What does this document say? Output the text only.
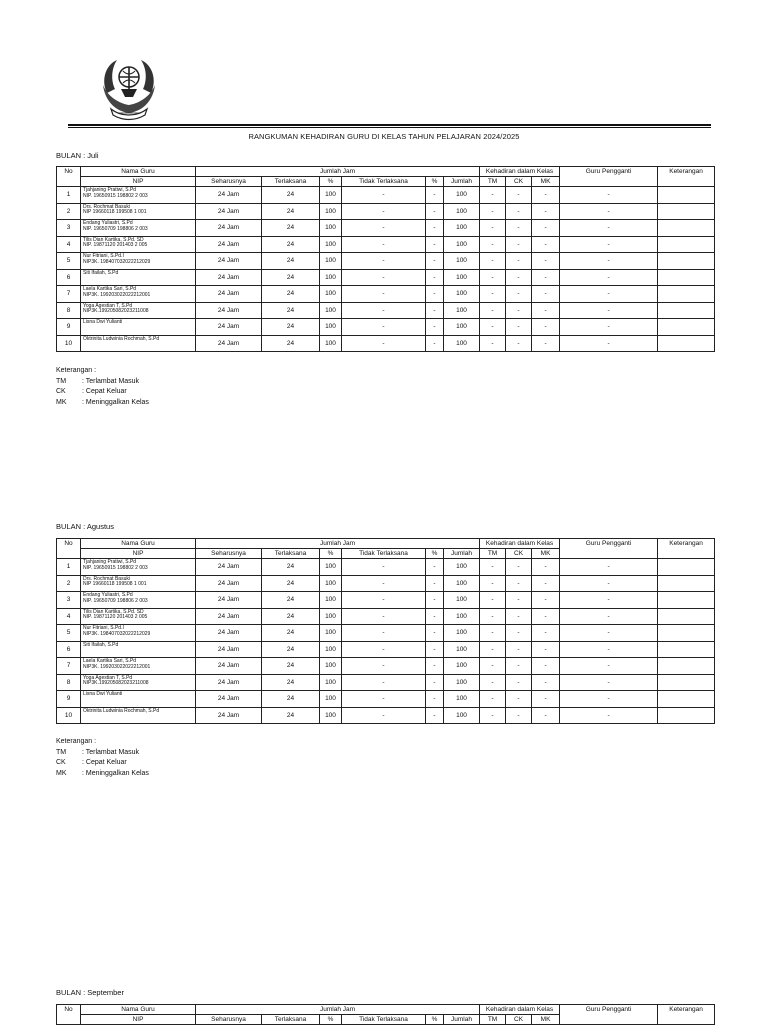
RANGKUMAN KEHADIRAN GURU DI KELAS TAHUN PELAJARAN 2024/2025
BULAN : Juli
No	Nama Guru	Jumlah Jam						Kehadiran dalam Kelas			Guru Pengganti	Keterangan
	NIP	Seharusnya	Terlaksana	%	Tidak Terlaksana	%	Jumlah	TM	CK	MK		
1	Tjahjaning Pratiwi, S.Pd
NIP. 19650915 198802 2 003	24 Jam	24	100	-	-	100	-	-	-	-	
2	Drs. Rochmat Basuki
NIP 19660118 199508 1 001	24 Jam	24	100	-	-	100	-	-	-	-	
3	Endang Yuliastri, S.Pd
NIP. 19650709 198806 2 003	24 Jam	24	100	-	-	100	-	-	-	-	
4	Tilis Dian Kartika, S.Pd. SD
NIP. 19871120 201403 2 005	24 Jam	24	100	-	-	100	-	-	-	-	
5	Nur Fitriani, S.Pd.I
NIP3K. 198407032022212029	24 Jam	24	100	-	-	100	-	-	-	-	
6	Siti Ifailah, S.Pd	24 Jam	24	100	-	-	100	-	-	-	-	
7	Laela Kartika Sari, S.Pd
NIP3K. 199203022022212001	24 Jam	24	100	-	-	100	-	-	-	-	
8	Yoga Agestian T, S.Pd
NIP3K.199205082023211008	24 Jam	24	100	-	-	100	-	-	-	-	
9	Lisna Dwi Yulianti	24 Jam	24	100	-	-	100	-	-	-	-	
10	Oktrinita Ludwinia Rochmah, S.Pd	24 Jam	24	100	-	-	100	-	-	-	-	
Keterangan :
TM	: Terlambat Masuk
CK	: Cepat Keluar
MK	: Meninggalkan Kelas
BULAN : Agustus
No	Nama Guru	Jumlah Jam						Kehadiran dalam Kelas			Guru Pengganti	Keterangan
	NIP	Seharusnya	Terlaksana	%	Tidak Terlaksana	%	Jumlah	TM	CK	MK		
1	Tjahjaning Pratiwi, S.Pd
NIP. 19650915 198802 2 003	24 Jam	24	100	-	-	100	-	-	-	-	
2	Drs. Rochmat Basuki
NIP 19660118 199508 1 001	24 Jam	24	100	-	-	100	-	-	-	-	
3	Endang Yuliastri, S.Pd
NIP. 19650709 198806 2 003	24 Jam	24	100	-	-	100	-	-	-	-	
4	Tilis Dian Kartika, S.Pd. SD
NIP. 19871120 201403 2 005	24 Jam	24	100	-	-	100	-	-	-	-	
5	Nur Fitriani, S.Pd.I
NIP3K. 198407032022212029	24 Jam	24	100	-	-	100	-	-	-	-	
6	Siti Ifailah, S.Pd	24 Jam	24	100	-	-	100	-	-	-	-	
7	Laela Kartika Sari, S.Pd
NIP3K. 199203022022212001	24 Jam	24	100	-	-	100	-	-	-	-	
8	Yoga Agestian T, S.Pd
NIP3K.199205082023211008	24 Jam	24	100	-	-	100	-	-	-	-	
9	Lisna Dwi Yulianti	24 Jam	24	100	-	-	100	-	-	-	-	
10	Oktrinita Ludwinia Rochmah, S.Pd	24 Jam	24	100	-	-	100	-	-	-	-	
Keterangan :
TM	: Terlambat Masuk
CK	: Cepat Keluar
MK	: Meninggalkan Kelas
BULAN : September
No	Nama Guru	Jumlah Jam						Kehadiran dalam Kelas			Guru Pengganti	Keterangan
	NIP	Seharusnya	Terlaksana	%	Tidak Terlaksana	%	Jumlah	TM	CK	MK		
